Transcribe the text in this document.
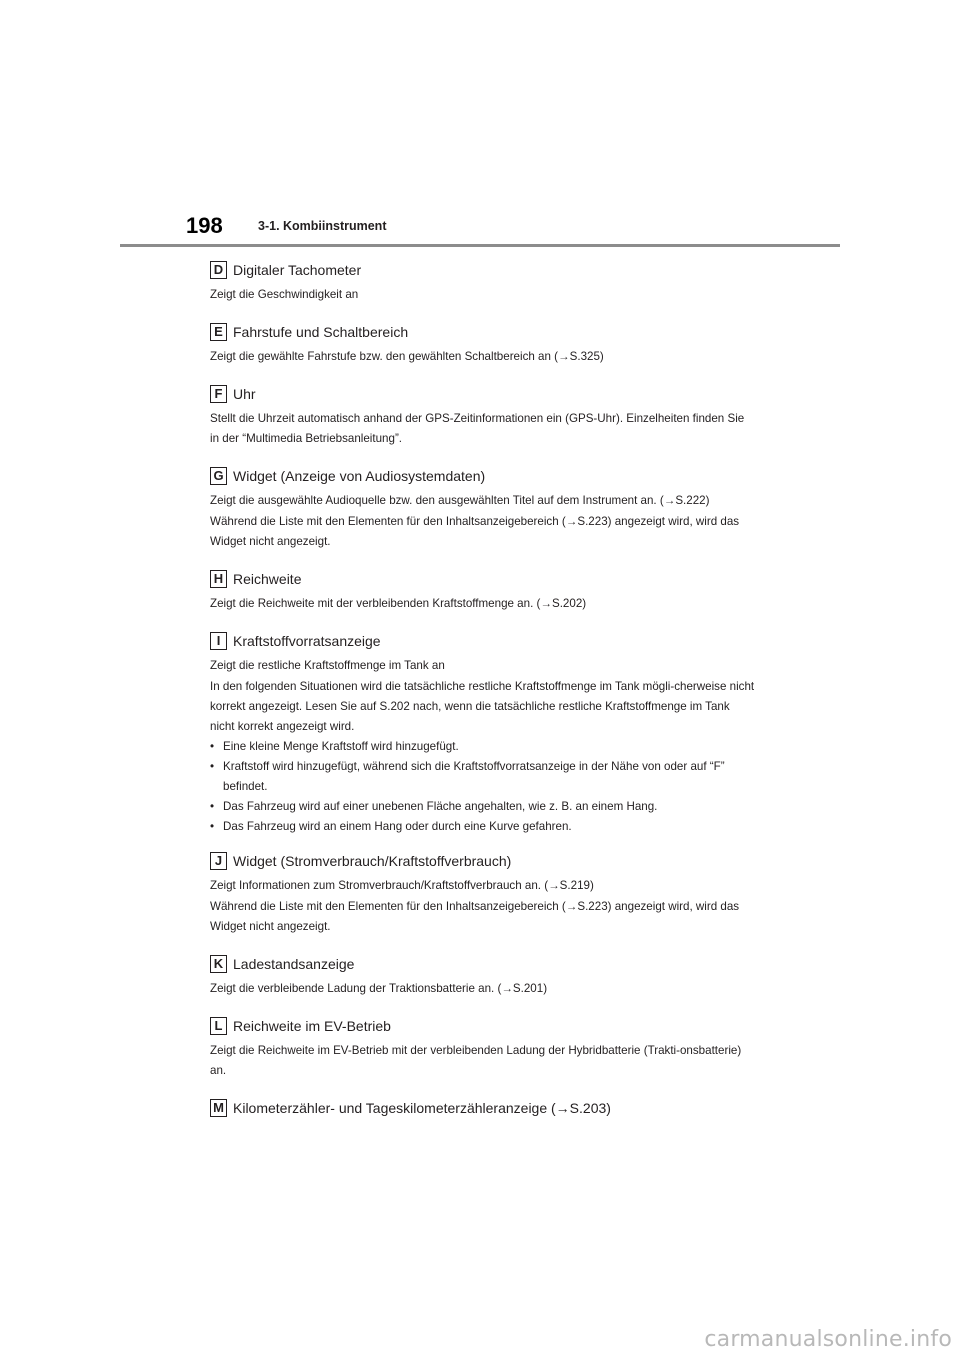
198	3-1. Kombiinstrument
D Digitaler Tachometer

Zeigt die Geschwindigkeit an

E Fahrstufe und Schaltbereich

Zeigt die gewählte Fahrstufe bzw. den gewählten Schaltbereich an (→S.325)

F Uhr

Stellt die Uhrzeit automatisch anhand der GPS-Zeitinformationen ein (GPS-Uhr). Einzelheiten finden Sie in der “Multimedia Betriebsanleitung”.

G Widget (Anzeige von Audiosystemdaten)

Zeigt die ausgewählte Audioquelle bzw. den ausgewählten Titel auf dem Instrument an. (→S.222)

Während die Liste mit den Elementen für den Inhaltsanzeigebereich (→S.223) angezeigt wird, wird das Widget nicht angezeigt.

H Reichweite

Zeigt die Reichweite mit der verbleibenden Kraftstoffmenge an. (→S.202)

I Kraftstoffvorratsanzeige

Zeigt die restliche Kraftstoffmenge im Tank an

In den folgenden Situationen wird die tatsächliche restliche Kraftstoffmenge im Tank mögli-cherweise nicht korrekt angezeigt. Lesen Sie auf S.202 nach, wenn die tatsächliche restliche Kraftstoffmenge im Tank nicht korrekt angezeigt wird.

• Eine kleine Menge Kraftstoff wird hinzugefügt.
• Kraftstoff wird hinzugefügt, während sich die Kraftstoffvorratsanzeige in der Nähe von oder auf “F” befindet.
• Das Fahrzeug wird auf einer unebenen Fläche angehalten, wie z. B. an einem Hang.
• Das Fahrzeug wird an einem Hang oder durch eine Kurve gefahren.
J Widget (Stromverbrauch/Kraftstoffverbrauch)

Zeigt Informationen zum Stromverbrauch/Kraftstoffverbrauch an. (→S.219)

Während die Liste mit den Elementen für den Inhaltsanzeigebereich (→S.223) angezeigt wird, wird das Widget nicht angezeigt.

K Ladestandsanzeige

Zeigt die verbleibende Ladung der Traktionsbatterie an. (→S.201)

L Reichweite im EV-Betrieb

Zeigt die Reichweite im EV-Betrieb mit der verbleibenden Ladung der Hybridbatterie (Trakti-onsbatterie) an.

M Kilometerzähler- und Tageskilometerzähleranzeige (→S.203)
carmanualsonline.info
